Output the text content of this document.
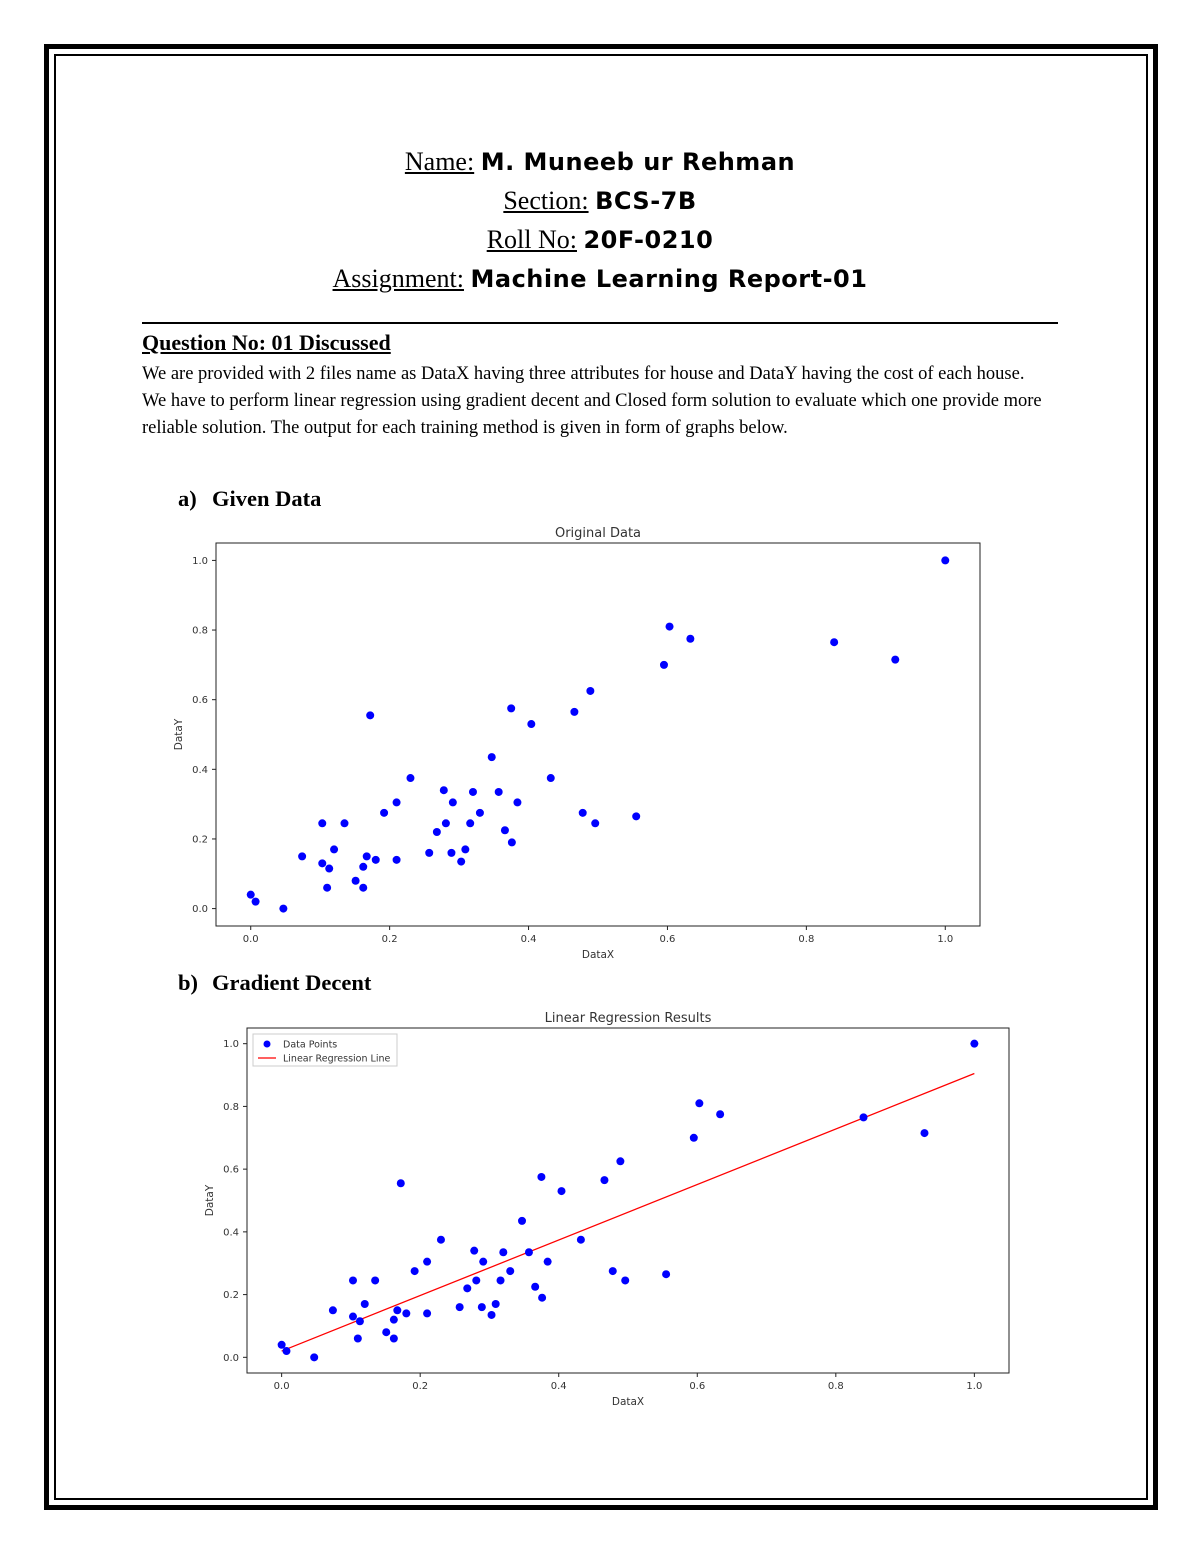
Name: M. Muneeb ur Rehman
Section: BCS-7B
Roll No: 20F-0210
Assignment: Machine Learning Report-01
Question No: 01 Discussed
We are provided with 2 files name as DataX having three attributes for house and DataY having the cost of each house. We have to perform linear regression using gradient decent and Closed form solution to evaluate which one provide more reliable solution. The output for each training method is given in form of graphs below.
a) Given Data
Original Data
0.0	0.2	0.4	0.6	0.8	1.0
0.0
0.2
0.4
0.6
0.8
1.0
DataX
DataY
b) Gradient Decent
Linear Regression Results
0.0	0.2	0.4	0.6	0.8	1.0
0.0
0.2
0.4
0.6
0.8
1.0
DataX
DataY
Data Points
Linear Regression Line
